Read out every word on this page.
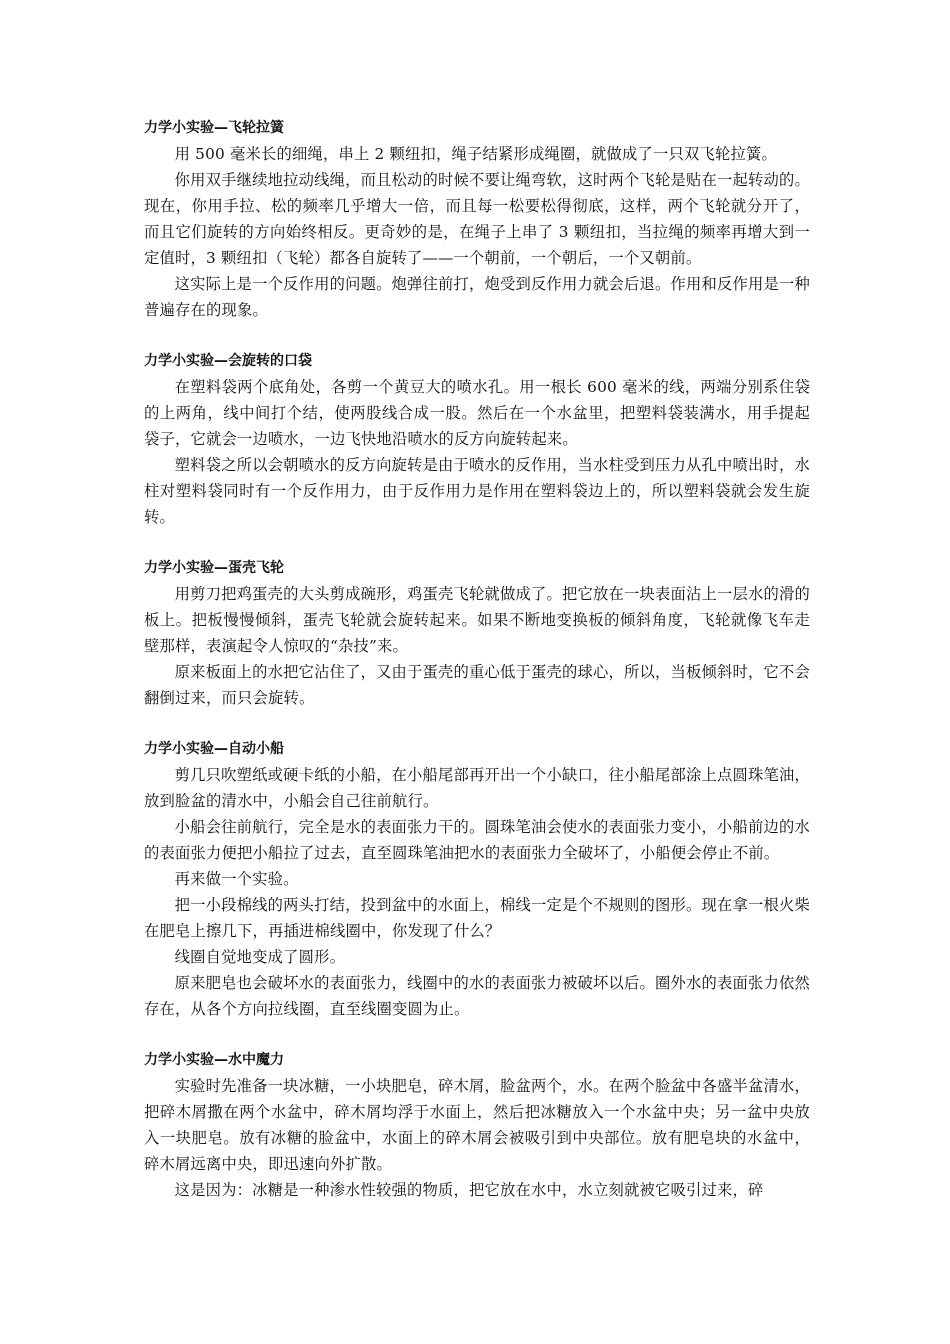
力学小实验—飞轮拉簧

用 500 毫米长的细绳，串上 2 颗纽扣，绳子结紧形成绳圈，就做成了一只双飞轮拉簧。

你用双手继续地拉动线绳，而且松动的时候不要让绳弯软，这时两个飞轮是贴在一起转动的。现在，你用手拉、松的频率几乎增大一倍，而且每一松要松得彻底，这样，两个飞轮就分开了，而且它们旋转的方向始终相反。更奇妙的是，在绳子上串了 3 颗纽扣，当拉绳的频率再增大到一定值时，3 颗纽扣（飞轮）都各自旋转了——一个朝前，一个朝后，一个又朝前。

这实际上是一个反作用的问题。炮弹往前打，炮受到反作用力就会后退。作用和反作用是一种普遍存在的现象。

力学小实验—会旋转的口袋

在塑料袋两个底角处，各剪一个黄豆大的喷水孔。用一根长 600 毫米的线，两端分别系住袋的上两角，线中间打个结，使两股线合成一股。然后在一个水盆里，把塑料袋装满水，用手提起袋子，它就会一边喷水，一边飞快地沿喷水的反方向旋转起来。

塑料袋之所以会朝喷水的反方向旋转是由于喷水的反作用，当水柱受到压力从孔中喷出时，水柱对塑料袋同时有一个反作用力，由于反作用力是作用在塑料袋边上的，所以塑料袋就会发生旋转。

力学小实验—蛋壳飞轮

用剪刀把鸡蛋壳的大头剪成碗形，鸡蛋壳飞轮就做成了。把它放在一块表面沾上一层水的滑的板上。把板慢慢倾斜，蛋壳飞轮就会旋转起来。如果不断地变换板的倾斜角度，飞轮就像飞车走壁那样，表演起令人惊叹的“杂技”来。

原来板面上的水把它沾住了，又由于蛋壳的重心低于蛋壳的球心，所以，当板倾斜时，它不会翻倒过来，而只会旋转。

力学小实验—自动小船

剪几只吹塑纸或硬卡纸的小船，在小船尾部再开出一个小缺口，往小船尾部涂上点圆珠笔油，放到脸盆的清水中，小船会自己往前航行。

小船会往前航行，完全是水的表面张力干的。圆珠笔油会使水的表面张力变小，小船前边的水的表面张力便把小船拉了过去，直至圆珠笔油把水的表面张力全破坏了，小船便会停止不前。

再来做一个实验。

把一小段棉线的两头打结，投到盆中的水面上，棉线一定是个不规则的图形。现在拿一根火柴在肥皂上擦几下，再插进棉线圈中，你发现了什么？

线圈自觉地变成了圆形。

原来肥皂也会破坏水的表面张力，线圈中的水的表面张力被破坏以后。圈外水的表面张力依然存在，从各个方向拉线圈，直至线圈变圆为止。

力学小实验—水中魔力

实验时先准备一块冰糖，一小块肥皂，碎木屑，脸盆两个，水。在两个脸盆中各盛半盆清水，把碎木屑撒在两个水盆中，碎木屑均浮于水面上，然后把冰糖放入一个水盆中央；另一盆中央放入一块肥皂。放有冰糖的脸盆中，水面上的碎木屑会被吸引到中央部位。放有肥皂块的水盆中，碎木屑远离中央，即迅速向外扩散。

这是因为：冰糖是一种渗水性较强的物质，把它放在水中，水立刻就被它吸引过来，碎
